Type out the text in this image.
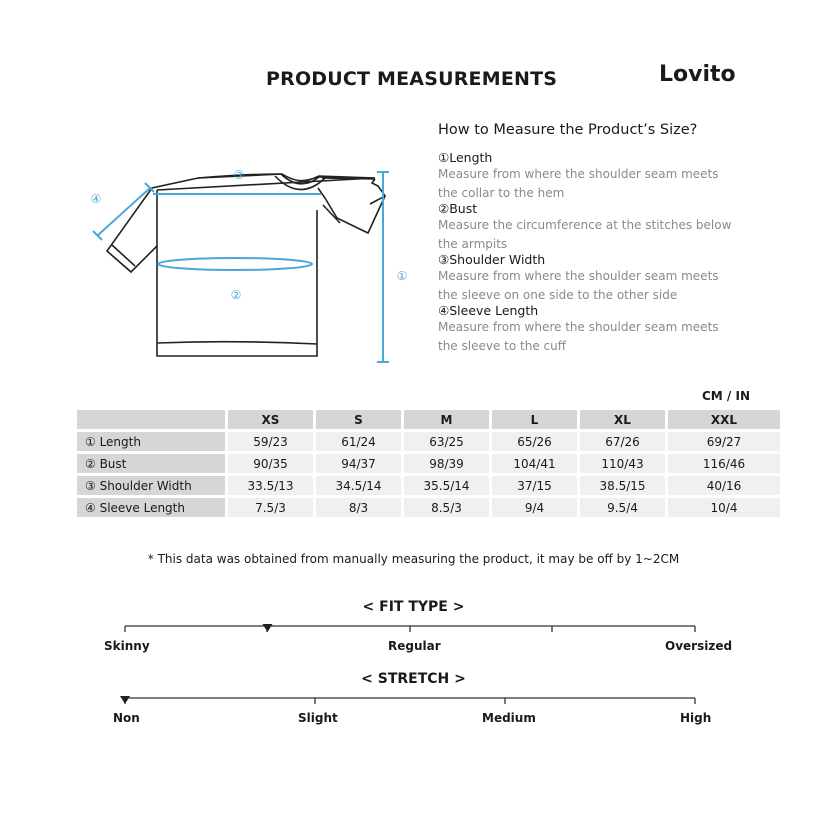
PRODUCT MEASUREMENTS	Lovito
③
②
①
④
How to Measure the Product’s Size?
①Length
Measure from where the shoulder seam meets
the collar to the hem
②Bust
Measure the circumference at the stitches below
the armpits
③Shoulder Width
Measure from where the shoulder seam meets
the sleeve on one side to the other side
④Sleeve Length
Measure from where the shoulder seam meets
the sleeve to the cuff
CM / IN
	XS	S	M	L	XL	XXL
① Length	59/23	61/24	63/25	65/26	67/26	69/27
② Bust	90/35	94/37	98/39	104/41	110/43	116/46
③ Shoulder Width	33.5/13	34.5/14	35.5/14	37/15	38.5/15	40/16
④ Sleeve Length	7.5/3	8/3	8.5/3	9/4	9.5/4	10/4
* This data was obtained from manually measuring the product, it may be off by 1~2CM
< FIT TYPE >
Skinny	Regular	Oversized
< STRETCH >
Non	Slight	Medium	High
